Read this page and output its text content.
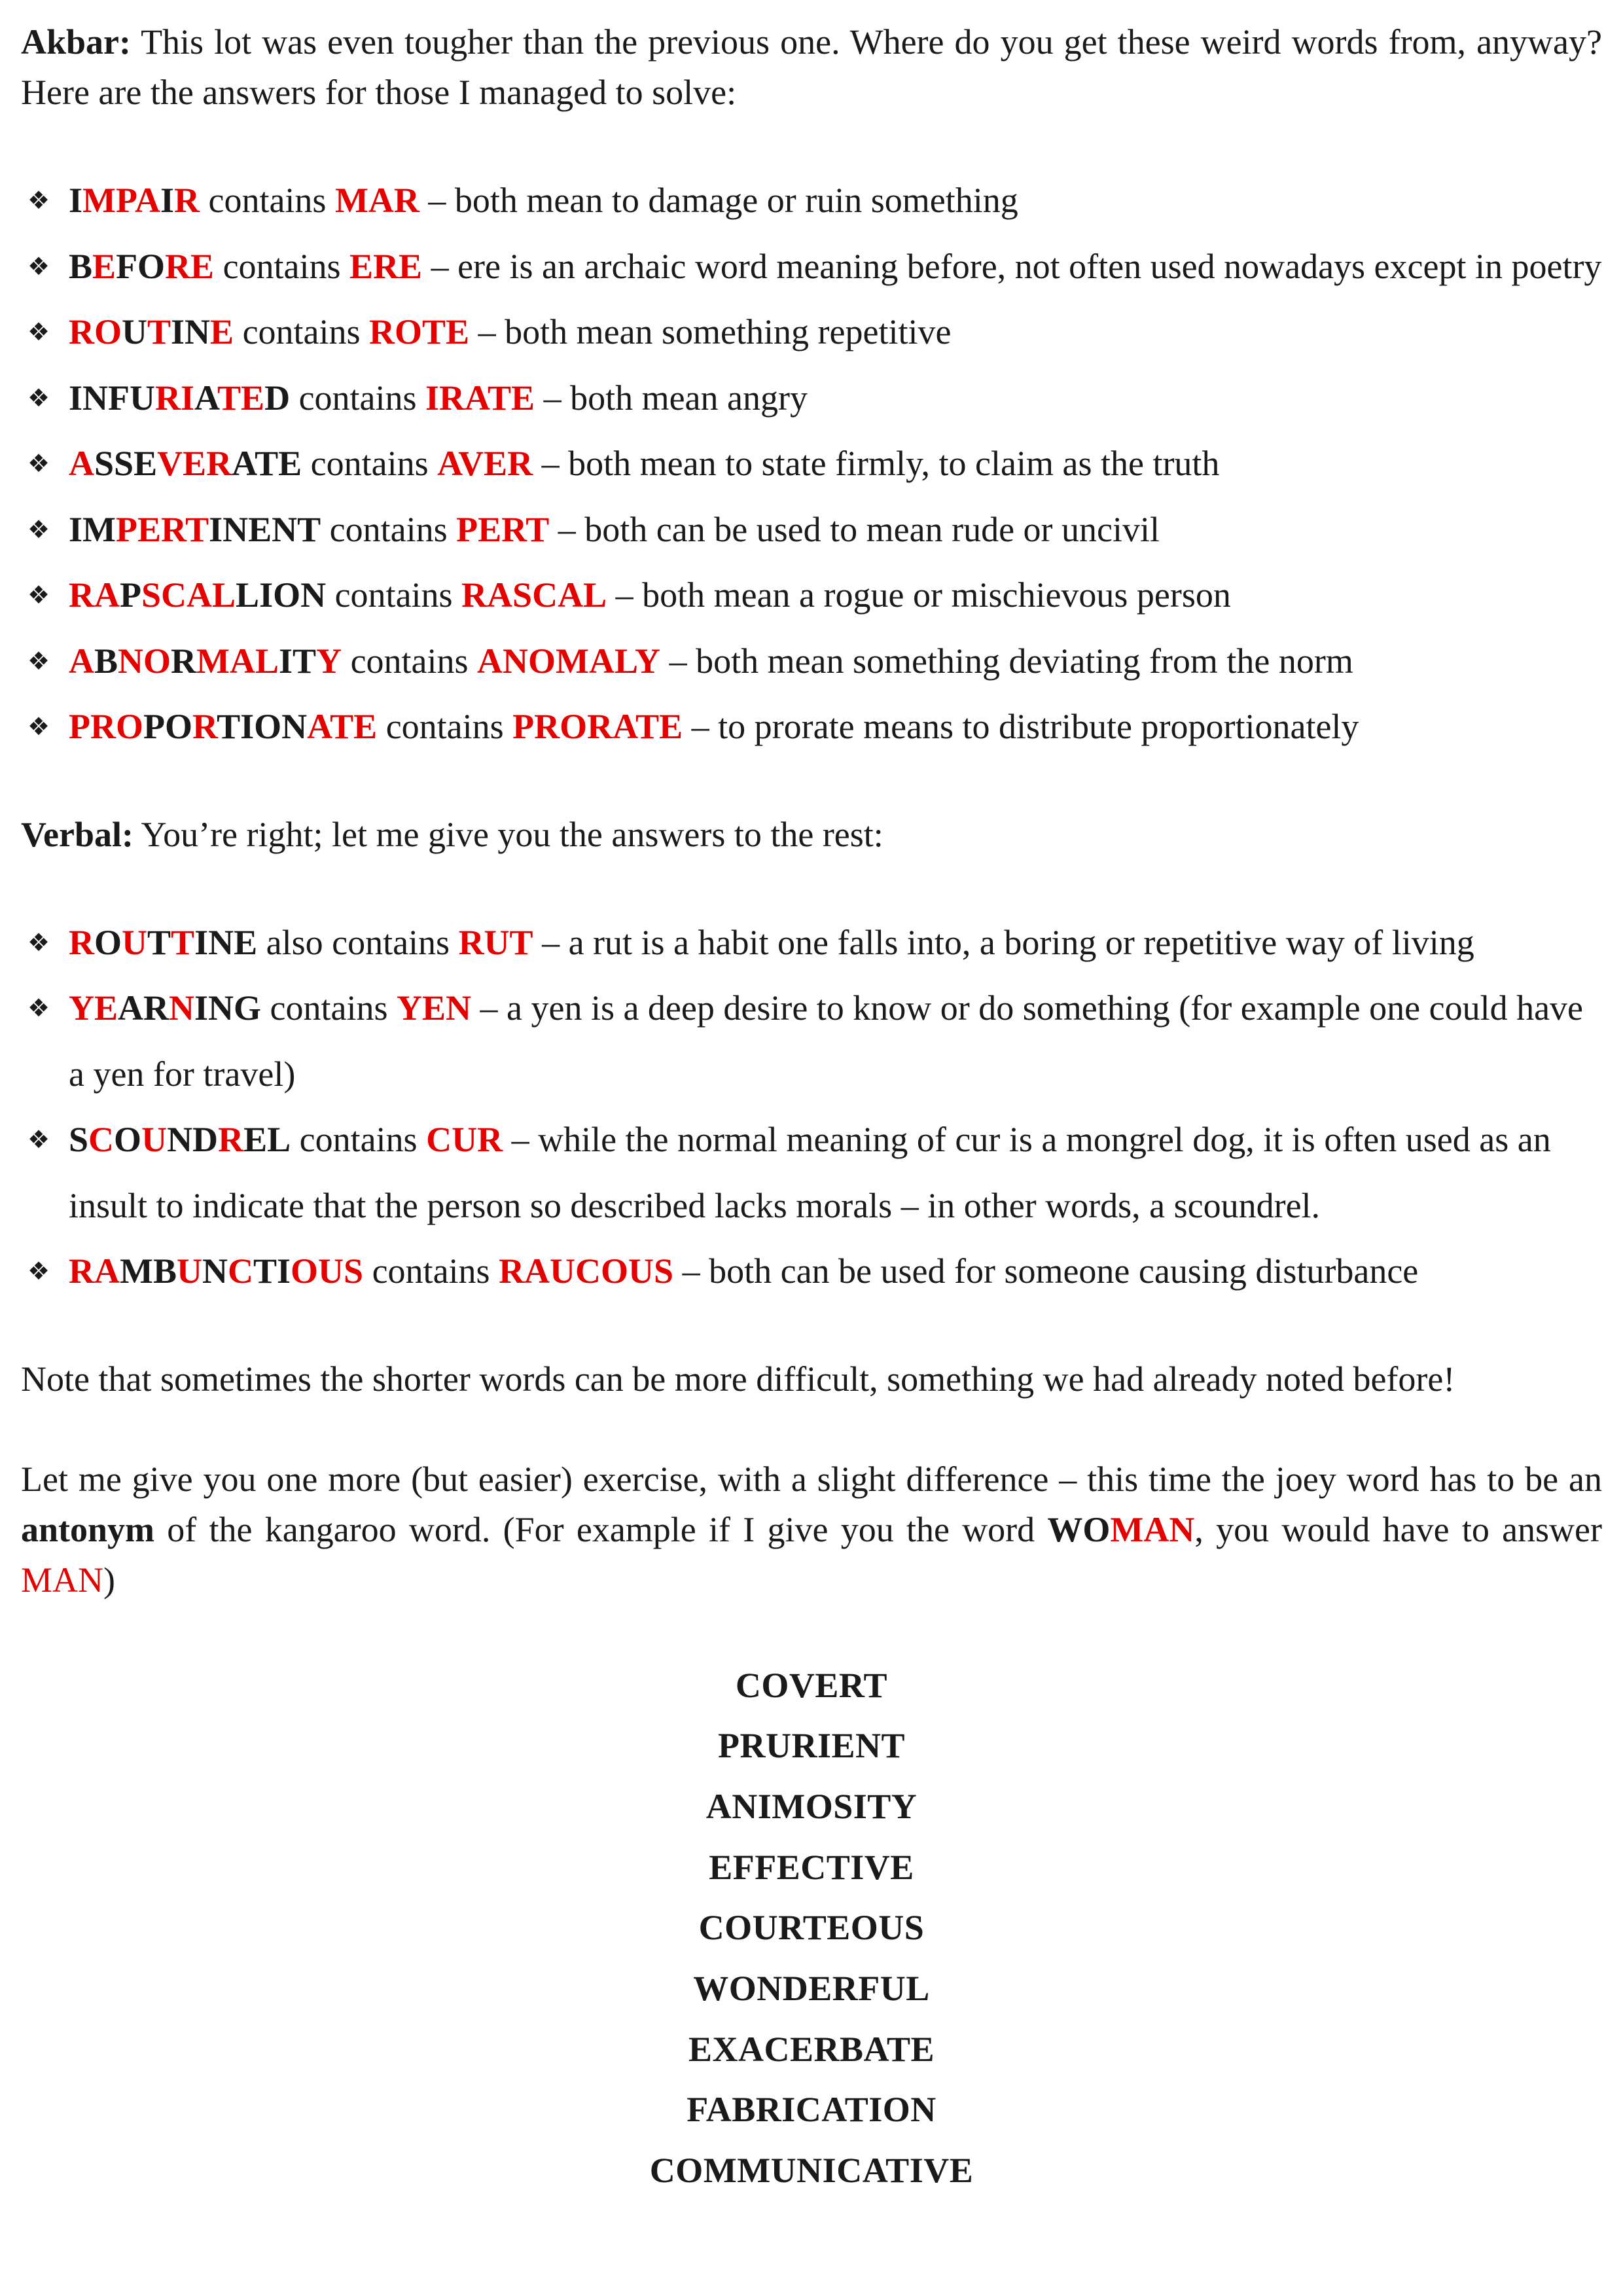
Akbar: This lot was even tougher than the previous one. Where do you get these weird words from, anyway? Here are the answers for those I managed to solve:

❖ IMPAIR contains MAR – both mean to damage or ruin something
❖ BEFORE contains ERE – ere is an archaic word meaning before, not often used nowadays except in poetry
❖ ROUTINE contains ROTE – both mean something repetitive
❖ INFURIATED contains IRATE – both mean angry
❖ ASSEVERATE contains AVER – both mean to state firmly, to claim as the truth
❖ IMPERTINENT contains PERT – both can be used to mean rude or uncivil
❖ RAPSCALLION contains RASCAL – both mean a rogue or mischievous person
❖ ABNORMALITY contains ANOMALY – both mean something deviating from the norm
❖ PROPORTIONATE contains PRORATE – to prorate means to distribute proportionately

Verbal: You’re right; let me give you the answers to the rest:

❖ ROUTTINE also contains RUT – a rut is a habit one falls into, a boring or repetitive way of living
❖ YEARNING contains YEN – a yen is a deep desire to know or do something (for example one could have a yen for travel)
❖ SCOUNDREL contains CUR – while the normal meaning of cur is a mongrel dog, it is often used as an insult to indicate that the person so described lacks morals – in other words, a scoundrel.
❖ RAMBUNCTIOUS contains RAUCOUS – both can be used for someone causing disturbance

Note that sometimes the shorter words can be more difficult, something we had already noted before!

Let me give you one more (but easier) exercise, with a slight difference – this time the joey word has to be an antonym of the kangaroo word. (For example if I give you the word WOMAN, you would have to answer MAN)

COVERT
PRURIENT
ANIMOSITY
EFFECTIVE
COURTEOUS
WONDERFUL
EXACERBATE
FABRICATION
COMMUNICATIVE
